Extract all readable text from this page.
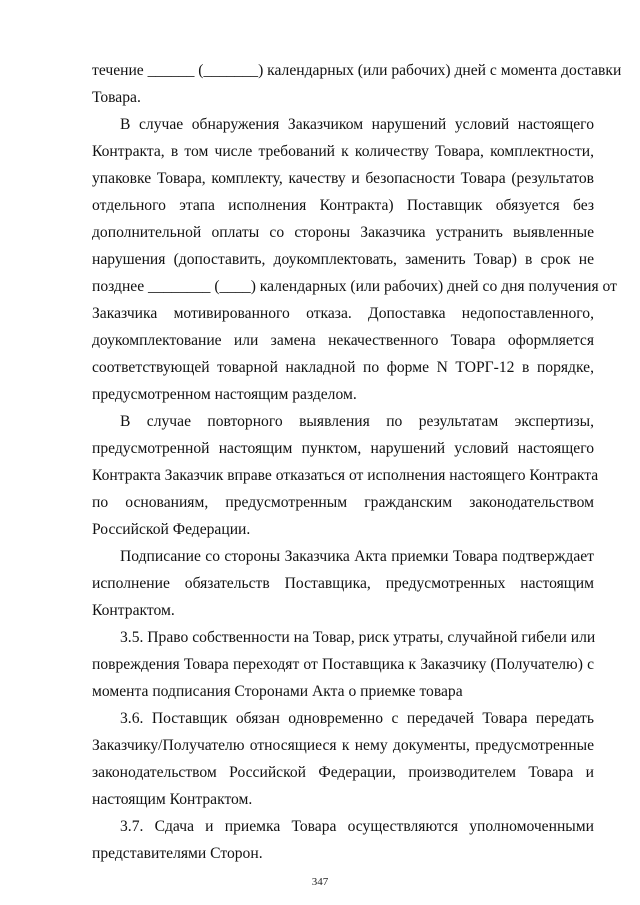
течение ______ (_______) календарных (или рабочих) дней с момента доставки
Товара.
В случае обнаружения Заказчиком нарушений условий настоящего
Контракта, в том числе требований к количеству Товара, комплектности,
упаковке Товара, комплекту, качеству и безопасности Товара (результатов
отдельного этапа исполнения Контракта) Поставщик обязуется без
дополнительной оплаты со стороны Заказчика устранить выявленные
нарушения (допоставить, доукомплектовать, заменить Товар) в срок не
позднее ________ (____) календарных (или рабочих) дней со дня получения от
Заказчика мотивированного отказа. Допоставка недопоставленного,
доукомплектование или замена некачественного Товара оформляется
соответствующей товарной накладной по форме N ТОРГ-12 в порядке,
предусмотренном настоящим разделом.
В случае повторного выявления по результатам экспертизы,
предусмотренной настоящим пунктом, нарушений условий настоящего
Контракта Заказчик вправе отказаться от исполнения настоящего Контракта
по основаниям, предусмотренным гражданским законодательством
Российской Федерации.
Подписание со стороны Заказчика Акта приемки Товара подтверждает
исполнение обязательств Поставщика, предусмотренных настоящим
Контрактом.
3.5. Право собственности на Товар, риск утраты, случайной гибели или
повреждения Товара переходят от Поставщика к Заказчику (Получателю) с
момента подписания Сторонами Акта о приемке товара
3.6. Поставщик обязан одновременно с передачей Товара передать
Заказчику/Получателю относящиеся к нему документы, предусмотренные
законодательством Российской Федерации, производителем Товара и
настоящим Контрактом.
3.7. Сдача и приемка Товара осуществляются уполномоченными
представителями Сторон.
347
